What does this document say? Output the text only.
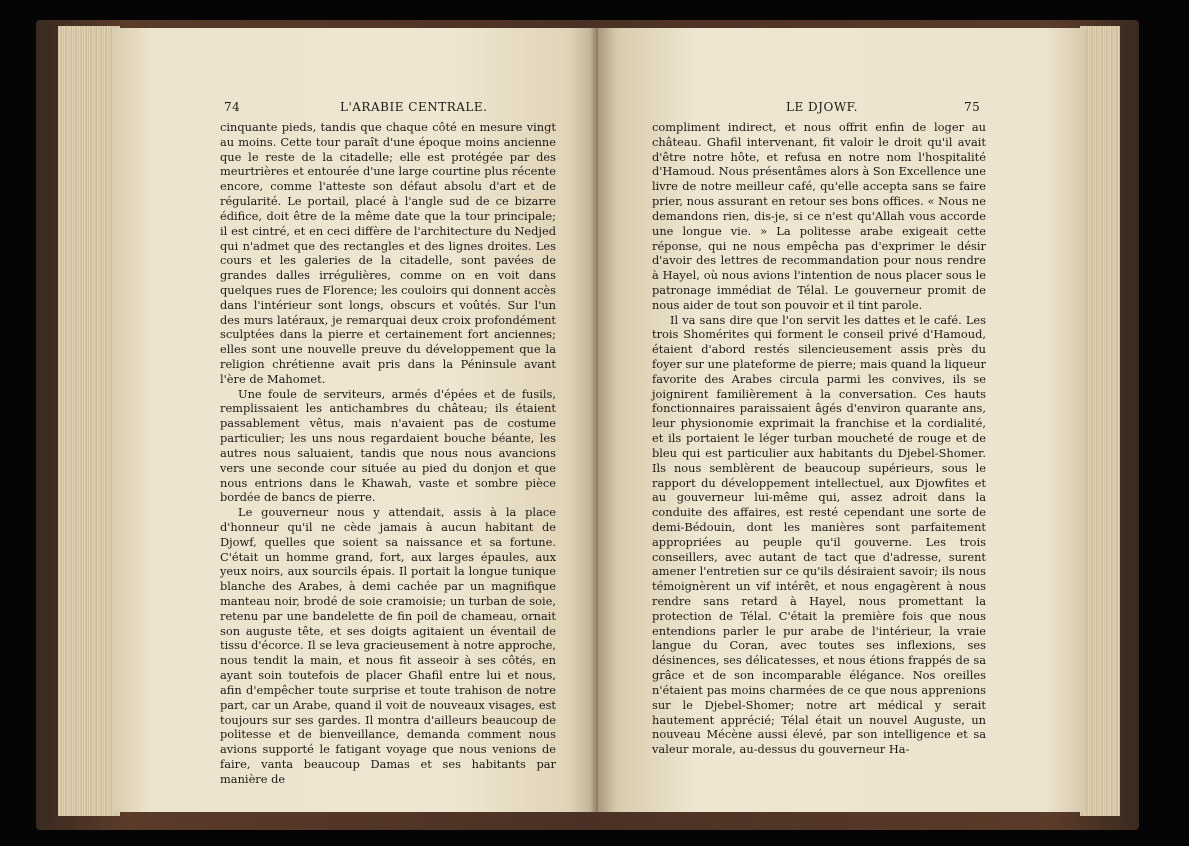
74	L'ARABIE CENTRALE.

cinquante pieds, tandis que chaque côté en mesure vingt au moins. Cette tour paraît d'une époque moins ancienne que le reste de la citadelle; elle est protégée par des meurtrières et entourée d'une large courtine plus récente encore, comme l'atteste son défaut absolu d'art et de régularité. Le portail, placé à l'angle sud de ce bizarre édifice, doit être de la même date que la tour principale; il est cintré, et en ceci diffère de l'architecture du Nedjed qui n'admet que des rectangles et des lignes droites. Les cours et les galeries de la citadelle, sont pavées de grandes dalles irrégulières, comme on en voit dans quelques rues de Florence; les couloirs qui donnent accès dans l'intérieur sont longs, obscurs et voûtés. Sur l'un des murs latéraux, je remarquai deux croix profondément sculptées dans la pierre et certainement fort anciennes; elles sont une nouvelle preuve du développement que la religion chrétienne avait pris dans la Péninsule avant l'ère de Mahomet.

Une foule de serviteurs, armés d'épées et de fusils, remplissaient les antichambres du château; ils étaient passablement vêtus, mais n'avaient pas de costume particulier; les uns nous regardaient bouche béante, les autres nous saluaient, tandis que nous nous avancions vers une seconde cour située au pied du donjon et que nous entrions dans le Khawah, vaste et sombre pièce bordée de bancs de pierre.

Le gouverneur nous y attendait, assis à la place d'honneur qu'il ne cède jamais à aucun habitant de Djowf, quelles que soient sa naissance et sa fortune. C'était un homme grand, fort, aux larges épaules, aux yeux noirs, aux sourcils épais. Il portait la longue tunique blanche des Arabes, à demi cachée par un magnifique manteau noir, brodé de soie cramoisie; un turban de soie, retenu par une bandelette de fin poil de chameau, ornait son auguste tête, et ses doigts agitaient un éventail de tissu d'écorce. Il se leva gracieusement à notre approche, nous tendit la main, et nous fit asseoir à ses côtés, en ayant soin toutefois de placer Ghafil entre lui et nous, afin d'empêcher toute surprise et toute trahison de notre part, car un Arabe, quand il voit de nouveaux visages, est toujours sur ses gardes. Il montra d'ailleurs beaucoup de politesse et de bienveillance, demanda comment nous avions supporté le fatigant voyage que nous venions de faire, vanta beaucoup Damas et ses habitants par manière de

LE DJOWF.	75

compliment indirect, et nous offrit enfin de loger au château. Ghafil intervenant, fit valoir le droit qu'il avait d'être notre hôte, et refusa en notre nom l'hospitalité d'Hamoud. Nous présentâmes alors à Son Excellence une livre de notre meilleur café, qu'elle accepta sans se faire prier, nous assurant en retour ses bons offices. « Nous ne demandons rien, dis-je, si ce n'est qu'Allah vous accorde une longue vie. » La politesse arabe exigeait cette réponse, qui ne nous empêcha pas d'exprimer le désir d'avoir des lettres de recommandation pour nous rendre à Hayel, où nous avions l'intention de nous placer sous le patronage immédiat de Télal. Le gouverneur promit de nous aider de tout son pouvoir et il tint parole.

Il va sans dire que l'on servit les dattes et le café. Les trois Shomérites qui forment le conseil privé d'Hamoud, étaient d'abord restés silencieusement assis près du foyer sur une plateforme de pierre; mais quand la liqueur favorite des Arabes circula parmi les convives, ils se joignirent familièrement à la conversation. Ces hauts fonctionnaires paraissaient âgés d'environ quarante ans, leur physionomie exprimait la franchise et la cordialité, et ils portaient le léger turban moucheté de rouge et de bleu qui est particulier aux habitants du Djebel-Shomer. Ils nous semblèrent de beaucoup supérieurs, sous le rapport du développement intellectuel, aux Djowfites et au gouverneur lui-même qui, assez adroit dans la conduite des affaires, est resté cependant une sorte de demi-Bédouin, dont les manières sont parfaitement appropriées au peuple qu'il gouverne. Les trois conseillers, avec autant de tact que d'adresse, surent amener l'entretien sur ce qu'ils désiraient savoir; ils nous témoignèrent un vif intérêt, et nous engagèrent à nous rendre sans retard à Hayel, nous promettant la protection de Télal. C'était la première fois que nous entendions parler le pur arabe de l'intérieur, la vraie langue du Coran, avec toutes ses inflexions, ses désinences, ses délicatesses, et nous étions frappés de sa grâce et de son incomparable élégance. Nos oreilles n'étaient pas moins charmées de ce que nous apprenions sur le Djebel-Shomer; notre art médical y serait hautement apprécié; Télal était un nouvel Auguste, un nouveau Mécène aussi élevé, par son intelligence et sa valeur morale, au-dessus du gouverneur Ha-
